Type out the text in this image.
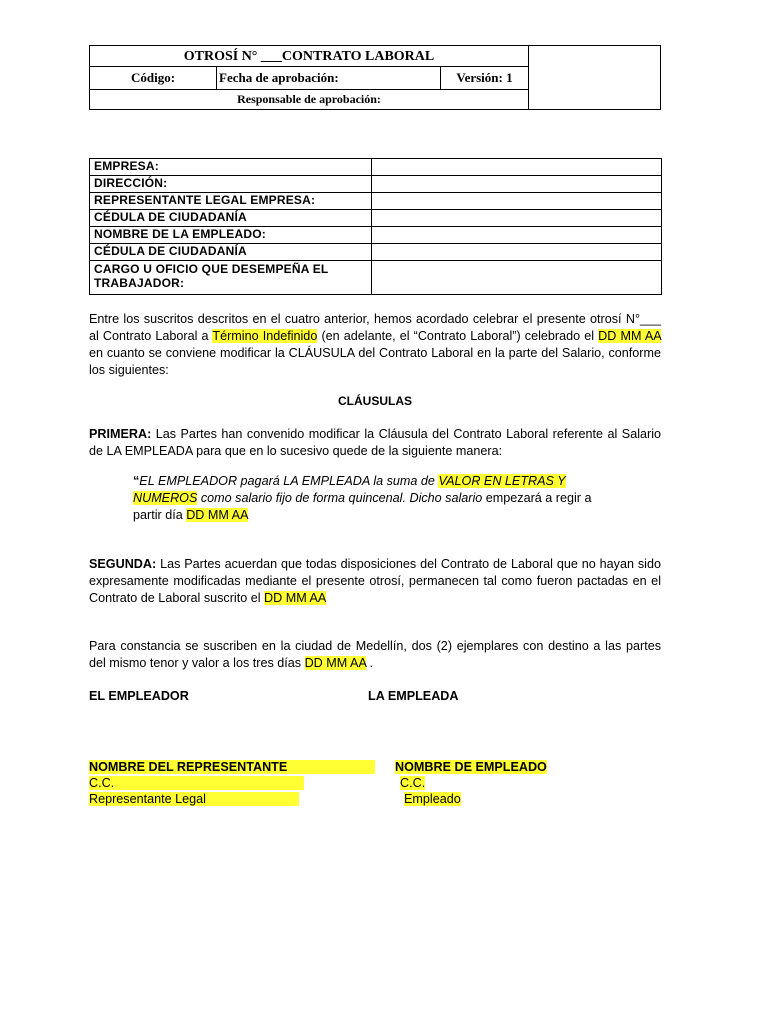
OTROSÍ N° ___CONTRATO LABORAL
Código:	Fecha de aprobación:	Versión: 1
Responsable de aprobación:
EMPRESA:	
DIRECCIÓN:	
REPRESENTANTE LEGAL EMPRESA:	
CÉDULA DE CIUDADANÍA	
NOMBRE DE LA EMPLEADO:	
CÉDULA DE CIUDADANÍA	
CARGO U OFICIO QUE DESEMPEÑA EL TRABAJADOR:	
Entre los suscritos descritos en el cuatro anterior, hemos acordado celebrar el presente otrosí N°___ al Contrato Laboral a Término Indefinido (en adelante, el “Contrato Laboral”) celebrado el DD MM AA en cuanto se conviene modificar la CLÁUSULA del Contrato Laboral en la parte del Salario, conforme los siguientes:
CLÁUSULAS
PRIMERA: Las Partes han convenido modificar la Cláusula del Contrato Laboral referente al Salario de LA EMPLEADA para que en lo sucesivo quede de la siguiente manera:
“EL EMPLEADOR pagará LA EMPLEADA la suma de VALOR EN LETRAS Y NUMEROS como salario fijo de forma quincenal. Dicho salario empezará a regir a partir día DD MM AA
SEGUNDA: Las Partes acuerdan que todas disposiciones del Contrato de Laboral que no hayan sido expresamente modificadas mediante el presente otrosí, permanecen tal como fueron pactadas en el Contrato de Laboral suscrito el DD MM AA
Para constancia se suscriben en la ciudad de Medellín, dos (2) ejemplares con destino a las partes del mismo tenor y valor a los tres días DD MM AA .
EL EMPLEADOR	LA EMPLEADA
NOMBRE DEL REPRESENTANTE
C.C.
Representante Legal
NOMBRE DE EMPLEADO
C.C.
Empleado
